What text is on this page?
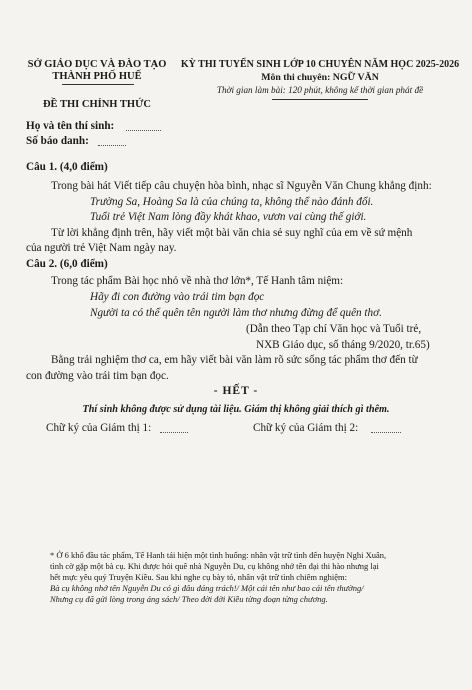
SỞ GIÁO DỤC VÀ ĐÀO TẠO
THÀNH PHỐ HUẾ
ĐỀ THI CHÍNH THỨC
KỲ THI TUYỂN SINH LỚP 10 CHUYÊN NĂM HỌC 2025-2026
Môn thi chuyên: NGỮ VĂN
Thời gian làm bài: 120 phút, không kể thời gian phát đề
Họ và tên thí sinh:
Số báo danh:
Câu 1. (4,0 điểm)
Trong bài hát Viết tiếp câu chuyện hòa bình, nhạc sĩ Nguyễn Văn Chung khẳng định:
Trường Sa, Hoàng Sa là của chúng ta, không thể nào đánh đổi.
Tuổi trẻ Việt Nam lòng đầy khát khao, vươn vai cùng thế giới.
Từ lời khẳng định trên, hãy viết một bài văn chia sẻ suy nghĩ của em về sứ mệnh
của người trẻ Việt Nam ngày nay.
Câu 2. (6,0 điểm)
Trong tác phẩm Bài học nhỏ về nhà thơ lớn*, Tế Hanh tâm niệm:
Hãy đi con đường vào trái tim bạn đọc
Người ta có thể quên tên người làm thơ nhưng đừng để quên thơ.
(Dẫn theo Tạp chí Văn học và Tuổi trẻ,
NXB Giáo dục, số tháng 9/2020, tr.65)
Bằng trải nghiệm thơ ca, em hãy viết bài văn làm rõ sức sống tác phẩm thơ đến từ
con đường vào trái tim bạn đọc.
- HẾT -
Thí sinh không được sử dụng tài liệu. Giám thị không giải thích gì thêm.
Chữ ký của Giám thị 1:	Chữ ký của Giám thị 2:
* Ở 6 khổ đầu tác phẩm, Tế Hanh tái hiện một tình huống: nhân vật trữ tình đến huyện Nghi Xuân,
tình cờ gặp một bà cụ. Khi được hỏi quê nhà Nguyễn Du, cụ không nhớ tên đại thi hào nhưng lại
hết mực yêu quý Truyện Kiều. Sau khi nghe cụ bày tỏ, nhân vật trữ tình chiêm nghiệm:
Bà cụ không nhớ tên Nguyễn Du có gì đâu đáng trách!/ Một cái tên như bao cái tên thường/
Nhưng cụ đã gửi lòng trong áng sách/ Theo đời đời Kiều từng đoạn từng chương.
